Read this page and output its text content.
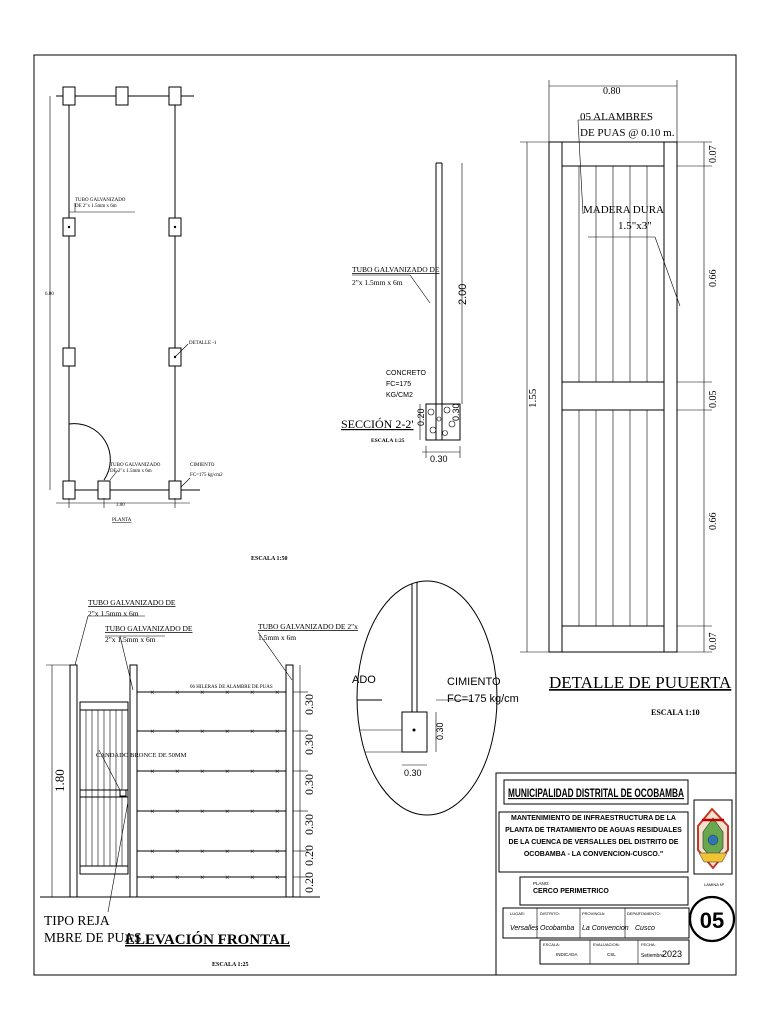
TUBO GALVANIZADO
DE 2"x 1.5mm x 6m
DETALLE -1
TUBO GALVANIZADO
DE 2"x 1.5mm x 6m
CIMIENTO
FC=175 kg/cm2
6.00
3.00
PLANTA
ESCALA 1:50
TUBO GALVANIZADO DE
2"x 1.5mm x 6m
2.00
CONCRETO
FC=175
KG/CM2
0.20	0.30
0.30
SECCIÓN 2-2'
ESCALA 1:25
0.80
05 ALAMBRES
DE PUAS @ 0.10 m.
MADERA DURA
1.5"x3"
1.55
0.07
0.66
0.05
0.66
0.07
DETALLE DE PUUERTA
ESCALA 1:10
ADO	CIMIENTO
FC=175 kg/cm
0.30
0.30
×	×	×	×	×	×
×	×	×	×	×	×
×	×	×	×	×	×
×	×	×	×	×	×
×	×	×	×	×	×
×	×	×	×	×	×
TUBO GALVANIZADO DE
2"x 1.5mm x 6m
TUBO GALVANIZADO DE
2"x 1.5mm x 6m
TUBO GALVANIZADO DE 2"x
1.5mm x 6m
06 HILERAS DE ALAMBRE DE PUAS
CANDADO BRONCE DE 50MM
1.80
0.30
0.30
0.30
0.30
0.20
0.20
TIPO REJA
MBRE DE PUAS
ELEVACIÓN FRONTAL
ESCALA 1:25
05
LAMINA Nº
MUNICIPALIDAD DISTRITAL DE OCOBAMBA
MANTENIMIENTO DE INFRAESTRUCTURA DE LA PLANTA DE TRATAMIENTO DE AGUAS RESIDUALES DE LA CUENCA DE VERSALLES DEL DISTRITO DE OCOBAMBA - LA CONVENCION-CUSCO."
PLANO:
CERCO PERIMETRICO
LUGAR:
Versalles
DISTRITO:
Ocobamba
PROVINCIA:
La Convencion
DEPARTAMENTO:
Cusco
ESCALA:
INDICADA
EVALUACION:
CSL
FECHA:
Setiembre
2023
